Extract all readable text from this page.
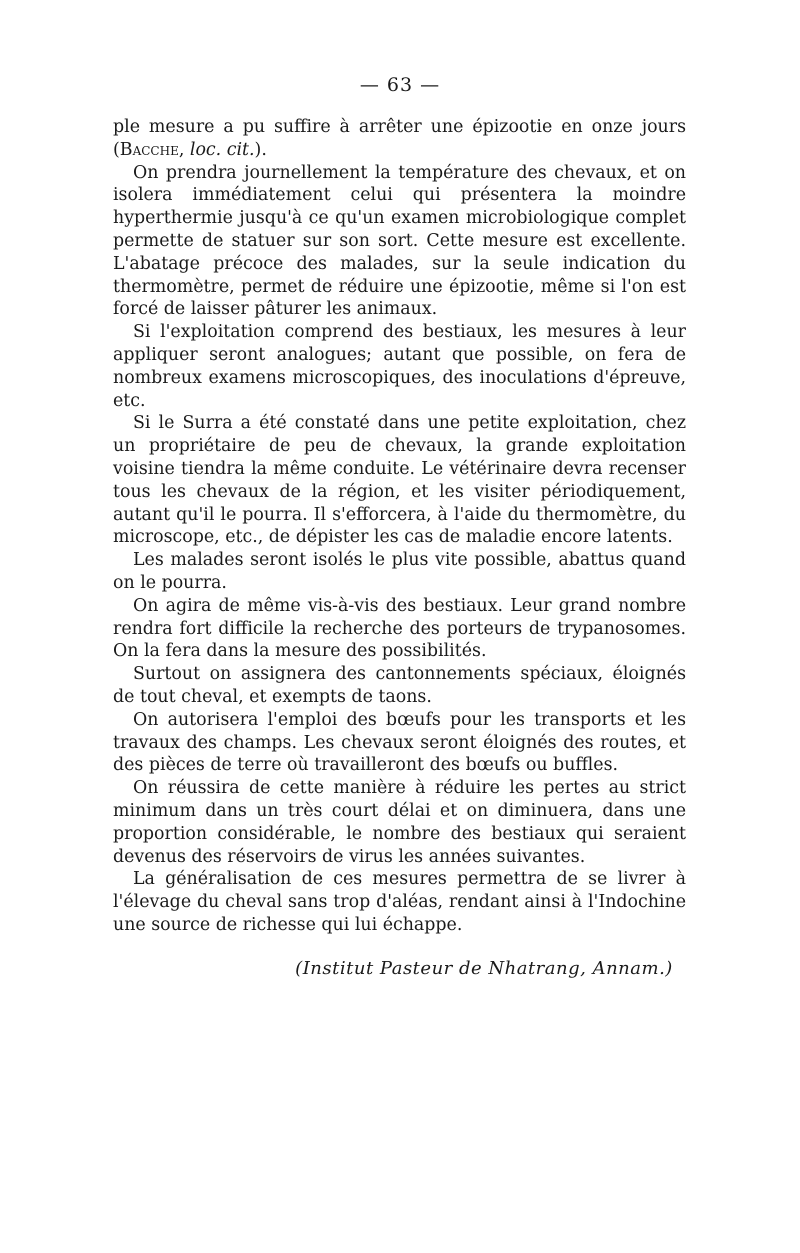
— 63 —

ple mesure a pu suffire à arrêter une épizootie en onze jours (Bacche, loc. cit.).

On prendra journellement la température des chevaux, et on isolera immédiatement celui qui présentera la moindre hyperthermie jusqu'à ce qu'un examen microbiologique complet permette de statuer sur son sort. Cette mesure est excellente. L'abatage précoce des malades, sur la seule indication du thermomètre, permet de réduire une épizootie, même si l'on est forcé de laisser pâturer les animaux.

Si l'exploitation comprend des bestiaux, les mesures à leur appliquer seront analogues; autant que possible, on fera de nombreux examens microscopiques, des inoculations d'épreuve, etc.

Si le Surra a été constaté dans une petite exploitation, chez un propriétaire de peu de chevaux, la grande exploitation voisine tiendra la même conduite. Le vétérinaire devra recenser tous les chevaux de la région, et les visiter périodiquement, autant qu'il le pourra. Il s'efforcera, à l'aide du thermomètre, du microscope, etc., de dépister les cas de maladie encore latents.

Les malades seront isolés le plus vite possible, abattus quand on le pourra.

On agira de même vis-à-vis des bestiaux. Leur grand nombre rendra fort difficile la recherche des porteurs de trypanosomes. On la fera dans la mesure des possibilités.

Surtout on assignera des cantonnements spéciaux, éloignés de tout cheval, et exempts de taons.

On autorisera l'emploi des bœufs pour les transports et les travaux des champs. Les chevaux seront éloignés des routes, et des pièces de terre où travailleront des bœufs ou buffles.

On réussira de cette manière à réduire les pertes au strict minimum dans un très court délai et on diminuera, dans une proportion considérable, le nombre des bestiaux qui seraient devenus des réservoirs de virus les années suivantes.

La généralisation de ces mesures permettra de se livrer à l'élevage du cheval sans trop d'aléas, rendant ainsi à l'Indochine une source de richesse qui lui échappe.

(Institut Pasteur de Nhatrang, Annam.)
